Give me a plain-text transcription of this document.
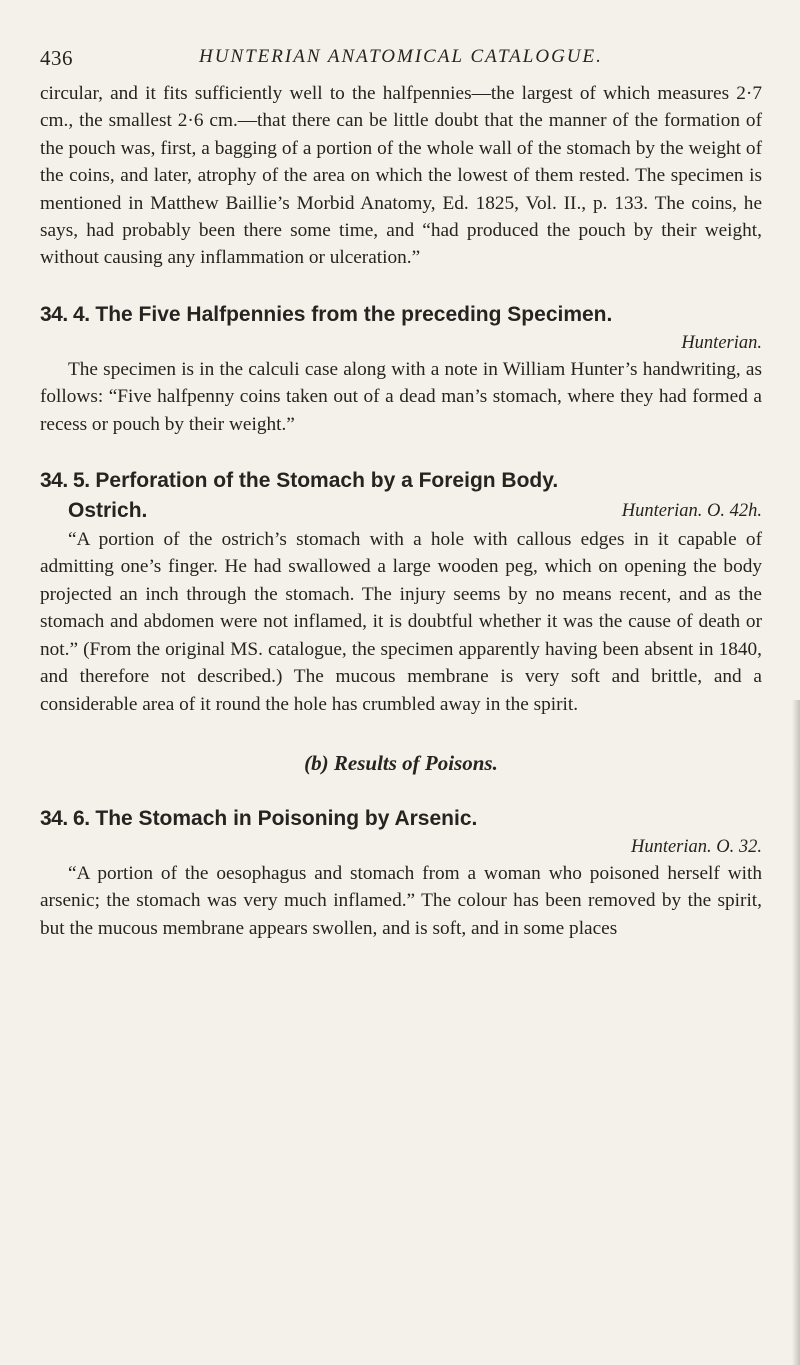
436	HUNTERIAN ANATOMICAL CATALOGUE.

circular, and it fits sufficiently well to the halfpennies—the largest of which measures 2·7 cm., the smallest 2·6 cm.—that there can be little doubt that the manner of the formation of the pouch was, first, a bagging of a portion of the whole wall of the stomach by the weight of the coins, and later, atrophy of the area on which the lowest of them rested. The specimen is mentioned in Matthew Baillie’s Morbid Anatomy, Ed. 1825, Vol. II., p. 133. The coins, he says, had probably been there some time, and “had produced the pouch by their weight, without causing any inflammation or ulceration.”

34. 4. The Five Halfpennies from the preceding Specimen.
Hunterian.

The specimen is in the calculi case along with a note in William Hunter’s handwriting, as follows: “Five halfpenny coins taken out of a dead man’s stomach, where they had formed a recess or pouch by their weight.”

34. 5. Perforation of the Stomach by a Foreign Body.
Ostrich.	Hunterian. O. 42h.

“A portion of the ostrich’s stomach with a hole with callous edges in it capable of admitting one’s finger. He had swallowed a large wooden peg, which on opening the body projected an inch through the stomach. The injury seems by no means recent, and as the stomach and abdomen were not inflamed, it is doubtful whether it was the cause of death or not.” (From the original MS. catalogue, the specimen apparently having been absent in 1840, and therefore not described.) The mucous membrane is very soft and brittle, and a considerable area of it round the hole has crumbled away in the spirit.

(b) Results of Poisons.
34. 6. The Stomach in Poisoning by Arsenic.
Hunterian. O. 32.

“A portion of the oesophagus and stomach from a woman who poisoned herself with arsenic; the stomach was very much inflamed.” The colour has been removed by the spirit, but the mucous membrane appears swollen, and is soft, and in some places
